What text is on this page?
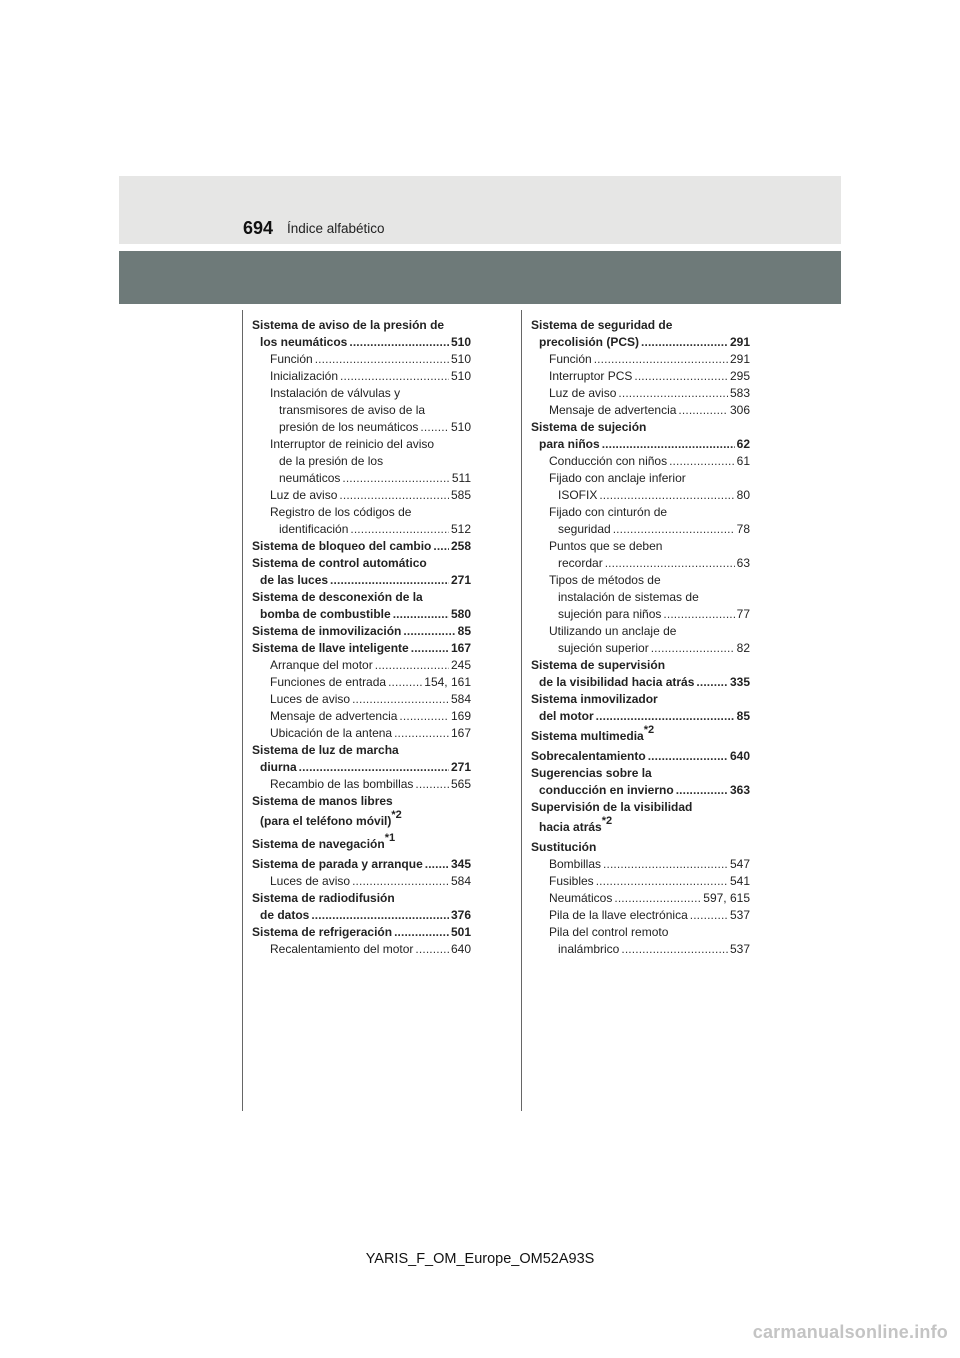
694 Índice alfabético
Sistema de aviso de la presión de
los neumáticos . . .	510
Función . . .	510
Inicialización . . .	510
Instalación de válvulas y
transmisores de aviso de la
presión de los neumáticos . . .	510
Interruptor de reinicio del aviso
de la presión de los
neumáticos . . .	511
Luz de aviso . . .	585
Registro de los códigos de
identificación . . .	512
Sistema de bloqueo del cambio . . . 258
Sistema de control automático
de las luces . . .	271
Sistema de desconexión de la
bomba de combustible . . .	580
Sistema de inmovilización . . .	85
Sistema de llave inteligente . . .	167
Arranque del motor . . .	245
Funciones de entrada . . .	154, 161
Luces de aviso . . .	584
Mensaje de advertencia . . .	169
Ubicación de la antena . . .	167
Sistema de luz de marcha
diurna . . .	271
Recambio de las bombillas . . .	565
Sistema de manos libres
(para el teléfono móvil)$^{*2}$
Sistema de navegación$^{*1}$
Sistema de parada y arranque . . . 345
Luces de aviso . . .	584
Sistema de radiodifusión
de datos . . .	376
Sistema de refrigeración . . .	501
Recalentamiento del motor . . .	640
Sistema de seguridad de
precolisión (PCS) . . .	291
Función . . .	291
Interruptor PCS . . .	295
Luz de aviso . . .	583
Mensaje de advertencia . . .	306
Sistema de sujeción
para niños . . .	62
Conducción con niños . . .	61
Fijado con anclaje inferior
ISOFIX . . .	80
Fijado con cinturón de
seguridad . . .	78
Puntos que se deben
recordar . . .	63
Tipos de métodos de
instalación de sistemas de
sujeción para niños . . .	77
Utilizando un anclaje de
sujeción superior . . .	82
Sistema de supervisión
de la visibilidad hacia atrás . . .	335
Sistema inmovilizador
del motor . . .	85
Sistema multimedia$^{*2}$
Sobrecalentamiento . . .	640
Sugerencias sobre la
conducción en invierno . . .	363
Supervisión de la visibilidad
hacia atrás$^{*2}$
Sustitución
Bombillas . . .	547
Fusibles . . .	541
Neumáticos . . .	597, 615
Pila de la llave electrónica . . .	537
Pila del control remoto
inalámbrico . . .	537
YARIS_F_OM_Europe_OM52A93S
carmanualsonline.info
